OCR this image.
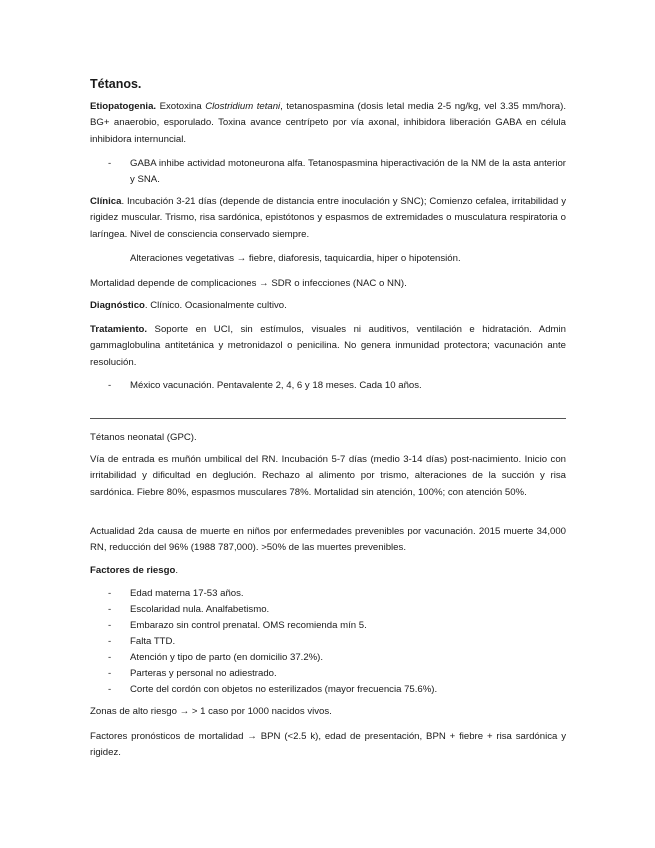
Tétanos.

Etiopatogenia. Exotoxina Clostridium tetani, tetanospasmina (dosis letal media 2-5 ng/kg, vel 3.35 mm/hora). BG+ anaerobio, esporulado. Toxina avance centrípeto por vía axonal, inhibidora liberación GABA en célula inhibidora internuncial.

- GABA inhibe actividad motoneurona alfa. Tetanospasmina hiperactivación de la NM de la asta anterior y SNA.

Clínica. Incubación 3-21 días (depende de distancia entre inoculación y SNC); Comienzo cefalea, irritabilidad y rigidez muscular. Trismo, risa sardónica, epistótonos y espasmos de extremidades o musculatura respiratoria o laríngea. Nivel de consciencia conservado siempre.

Alteraciones vegetativas → fiebre, diaforesis, taquicardia, hiper o hipotensión.

Mortalidad depende de complicaciones → SDR o infecciones (NAC o NN).

Diagnóstico. Clínico. Ocasionalmente cultivo.

Tratamiento. Soporte en UCI, sin estímulos, visuales ni auditivos, ventilación e hidratación. Admin gammaglobulina antitetánica y metronidazol o penicilina. No genera inmunidad protectora; vacunación ante resolución.

- México vacunación. Pentavalente 2, 4, 6 y 18 meses. Cada 10 años.

Tétanos neonatal (GPC).

Vía de entrada es muñón umbilical del RN. Incubación 5-7 días (medio 3-14 días) post-nacimiento. Inicio con irritabilidad y dificultad en deglución. Rechazo al alimento por trismo, alteraciones de la succión y risa sardónica. Fiebre 80%, espasmos musculares 78%. Mortalidad sin atención, 100%; con atención 50%.

Actualidad 2da causa de muerte en niños por enfermedades prevenibles por vacunación. 2015 muerte 34,000 RN, reducción del 96% (1988 787,000). >50% de las muertes prevenibles.

Factores de riesgo.

- Edad materna 17-53 años.
- Escolaridad nula. Analfabetismo.
- Embarazo sin control prenatal. OMS recomienda mín 5.
- Falta TTD.
- Atención y tipo de parto (en domicilio 37.2%).
- Parteras y personal no adiestrado.
- Corte del cordón con objetos no esterilizados (mayor frecuencia 75.6%).

Zonas de alto riesgo → > 1 caso por 1000 nacidos vivos.

Factores pronósticos de mortalidad → BPN (<2.5 k), edad de presentación, BPN + fiebre + risa sardónica y rigidez.
